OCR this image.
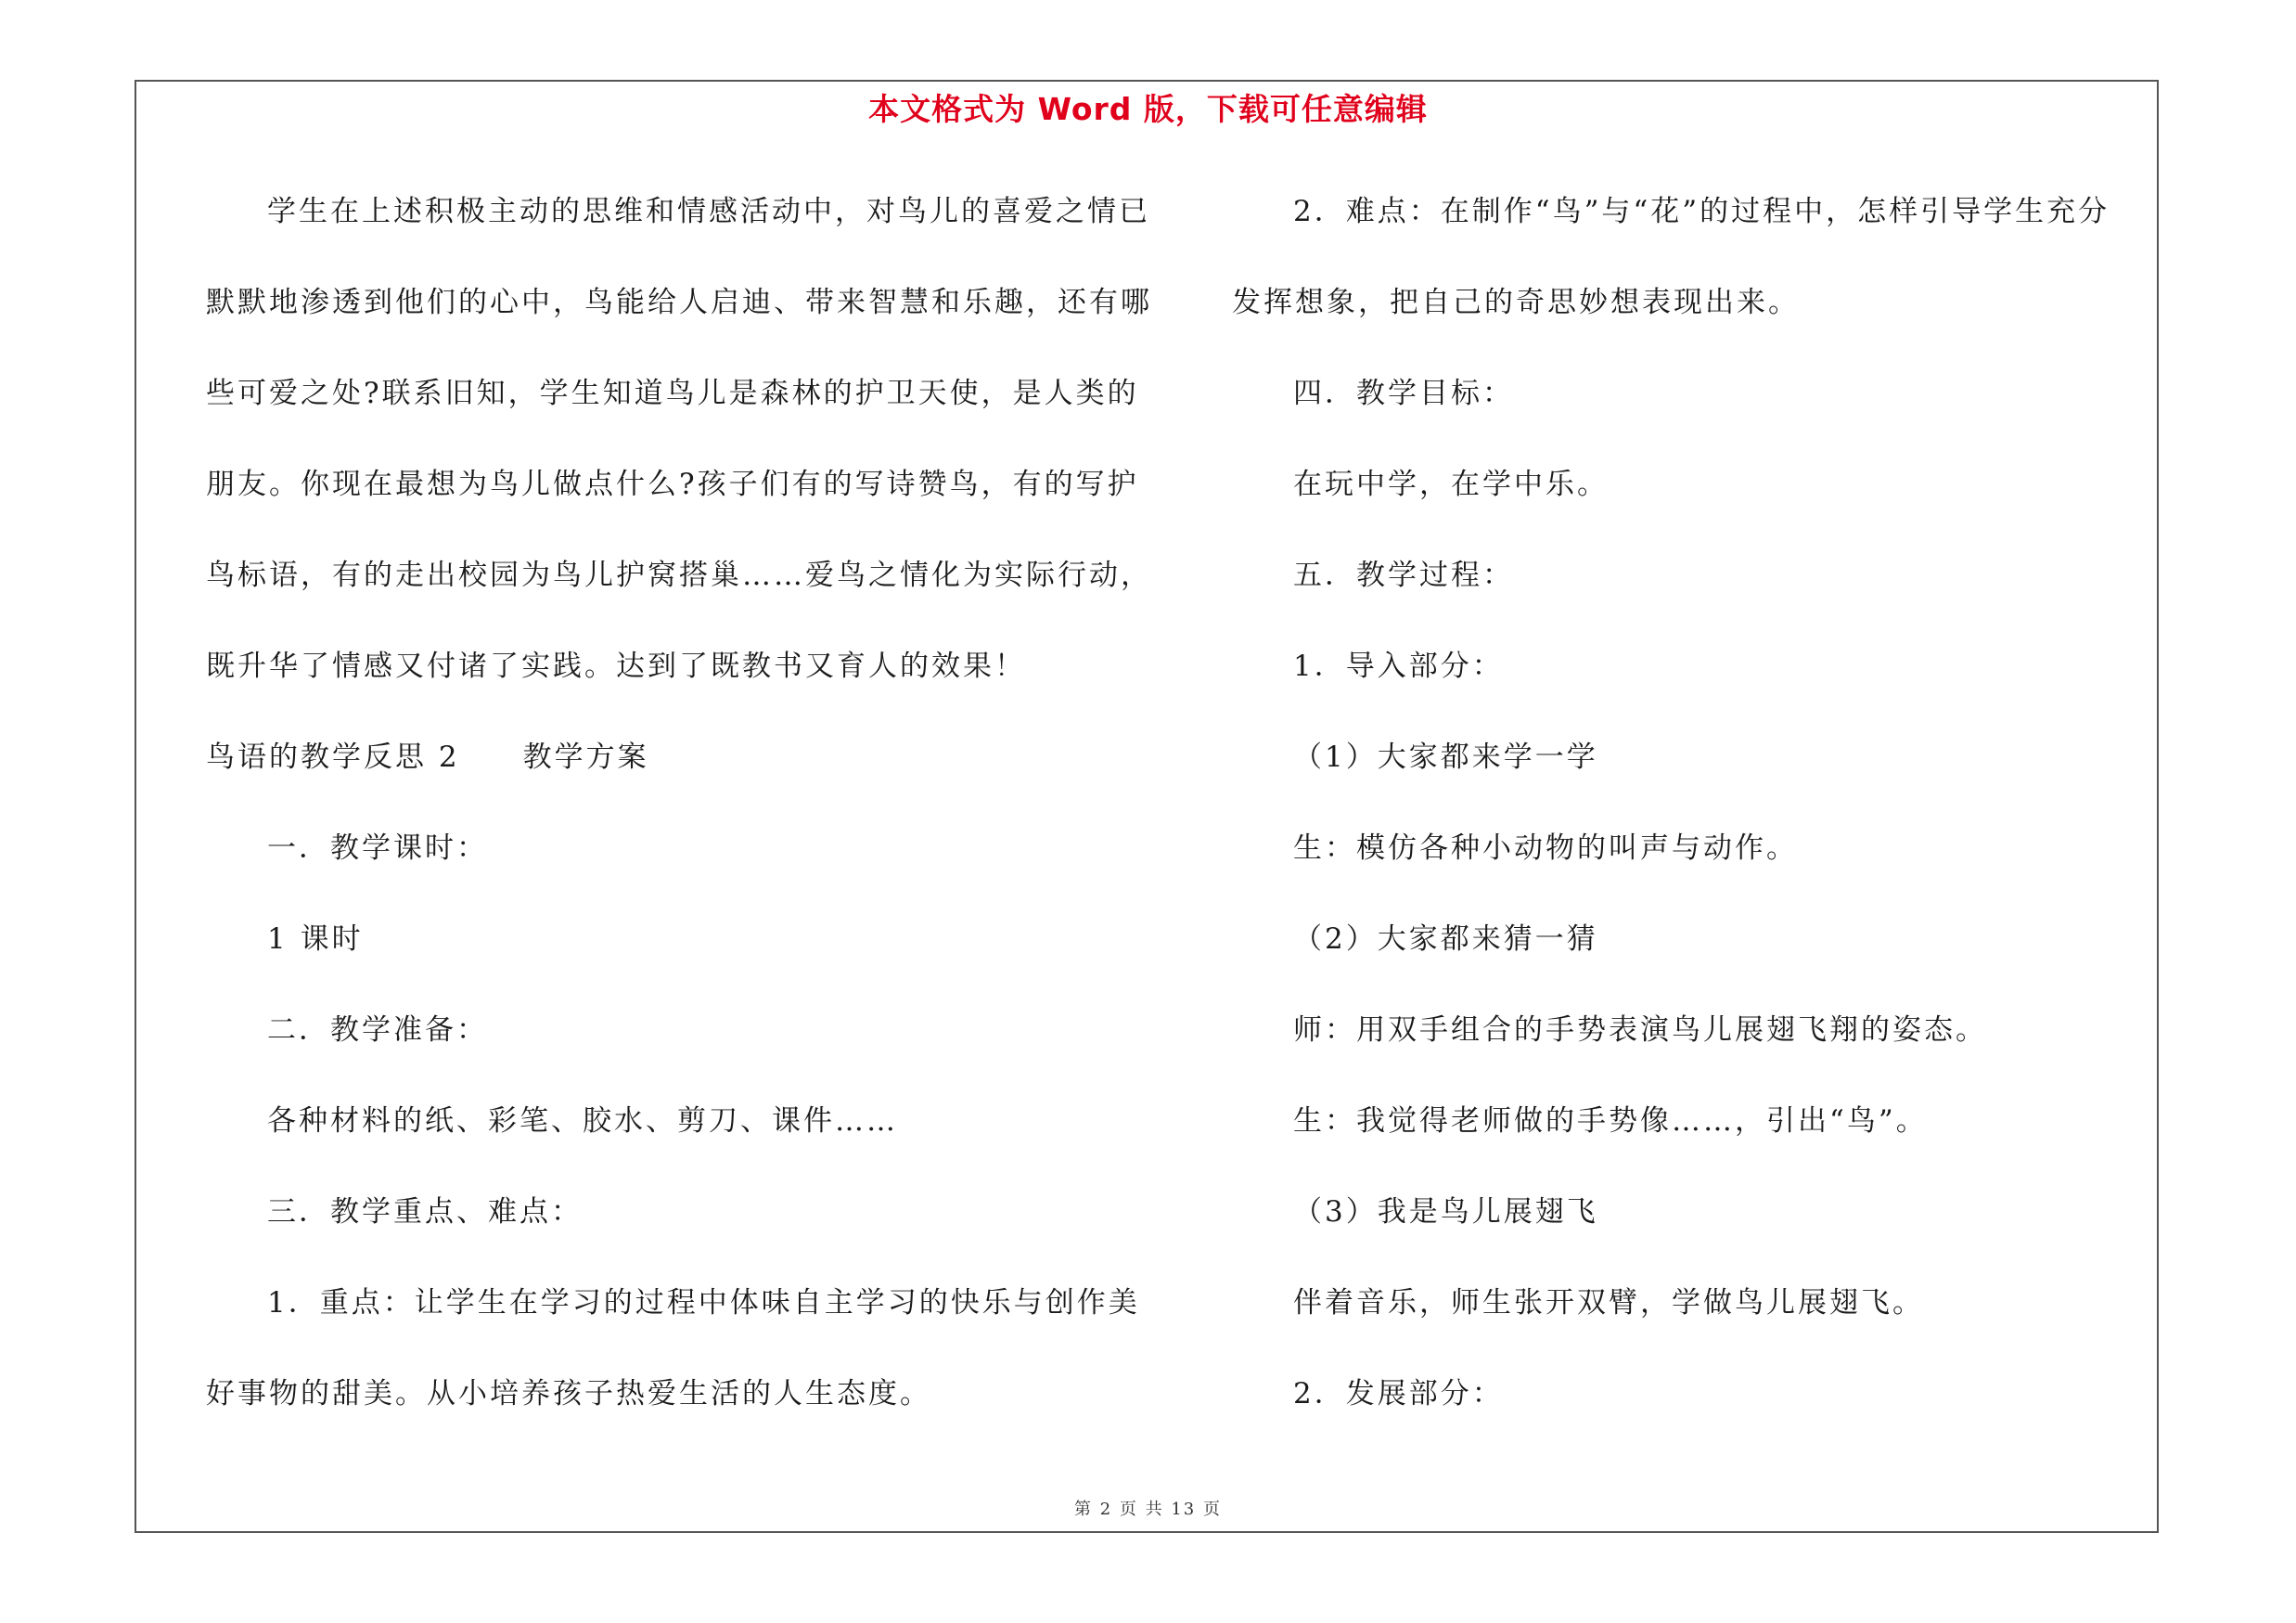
本文格式为 Word 版，下载可任意编辑
学生在上述积极主动的思维和情感活动中，对鸟儿的喜爱之情已
默默地渗透到他们的心中，鸟能给人启迪、带来智慧和乐趣，还有哪
些可爱之处?联系旧知，学生知道鸟儿是森林的护卫天使，是人类的
朋友。你现在最想为鸟儿做点什么?孩子们有的写诗赞鸟，有的写护
鸟标语，有的走出校园为鸟儿护窝搭巢……爱鸟之情化为实际行动，
既升华了情感又付诸了实践。达到了既教书又育人的效果！
鸟语的教学反思 2　　教学方案
一．教学课时：
1 课时
二．教学准备：
各种材料的纸、彩笔、胶水、剪刀、课件……
三．教学重点、难点：
1．重点：让学生在学习的过程中体味自主学习的快乐与创作美
好事物的甜美。从小培养孩子热爱生活的人生态度。
2．难点：在制作“鸟”与“花”的过程中，怎样引导学生充分
发挥想象，把自己的奇思妙想表现出来。
四．教学目标：
在玩中学，在学中乐。
五．教学过程：
1．导入部分：
（1）大家都来学一学
生：模仿各种小动物的叫声与动作。
（2）大家都来猜一猜
师：用双手组合的手势表演鸟儿展翅飞翔的姿态。
生：我觉得老师做的手势像……，引出“鸟”。
（3）我是鸟儿展翅飞
伴着音乐，师生张开双臂，学做鸟儿展翅飞。
2．发展部分：
第 2 页 共 13 页
